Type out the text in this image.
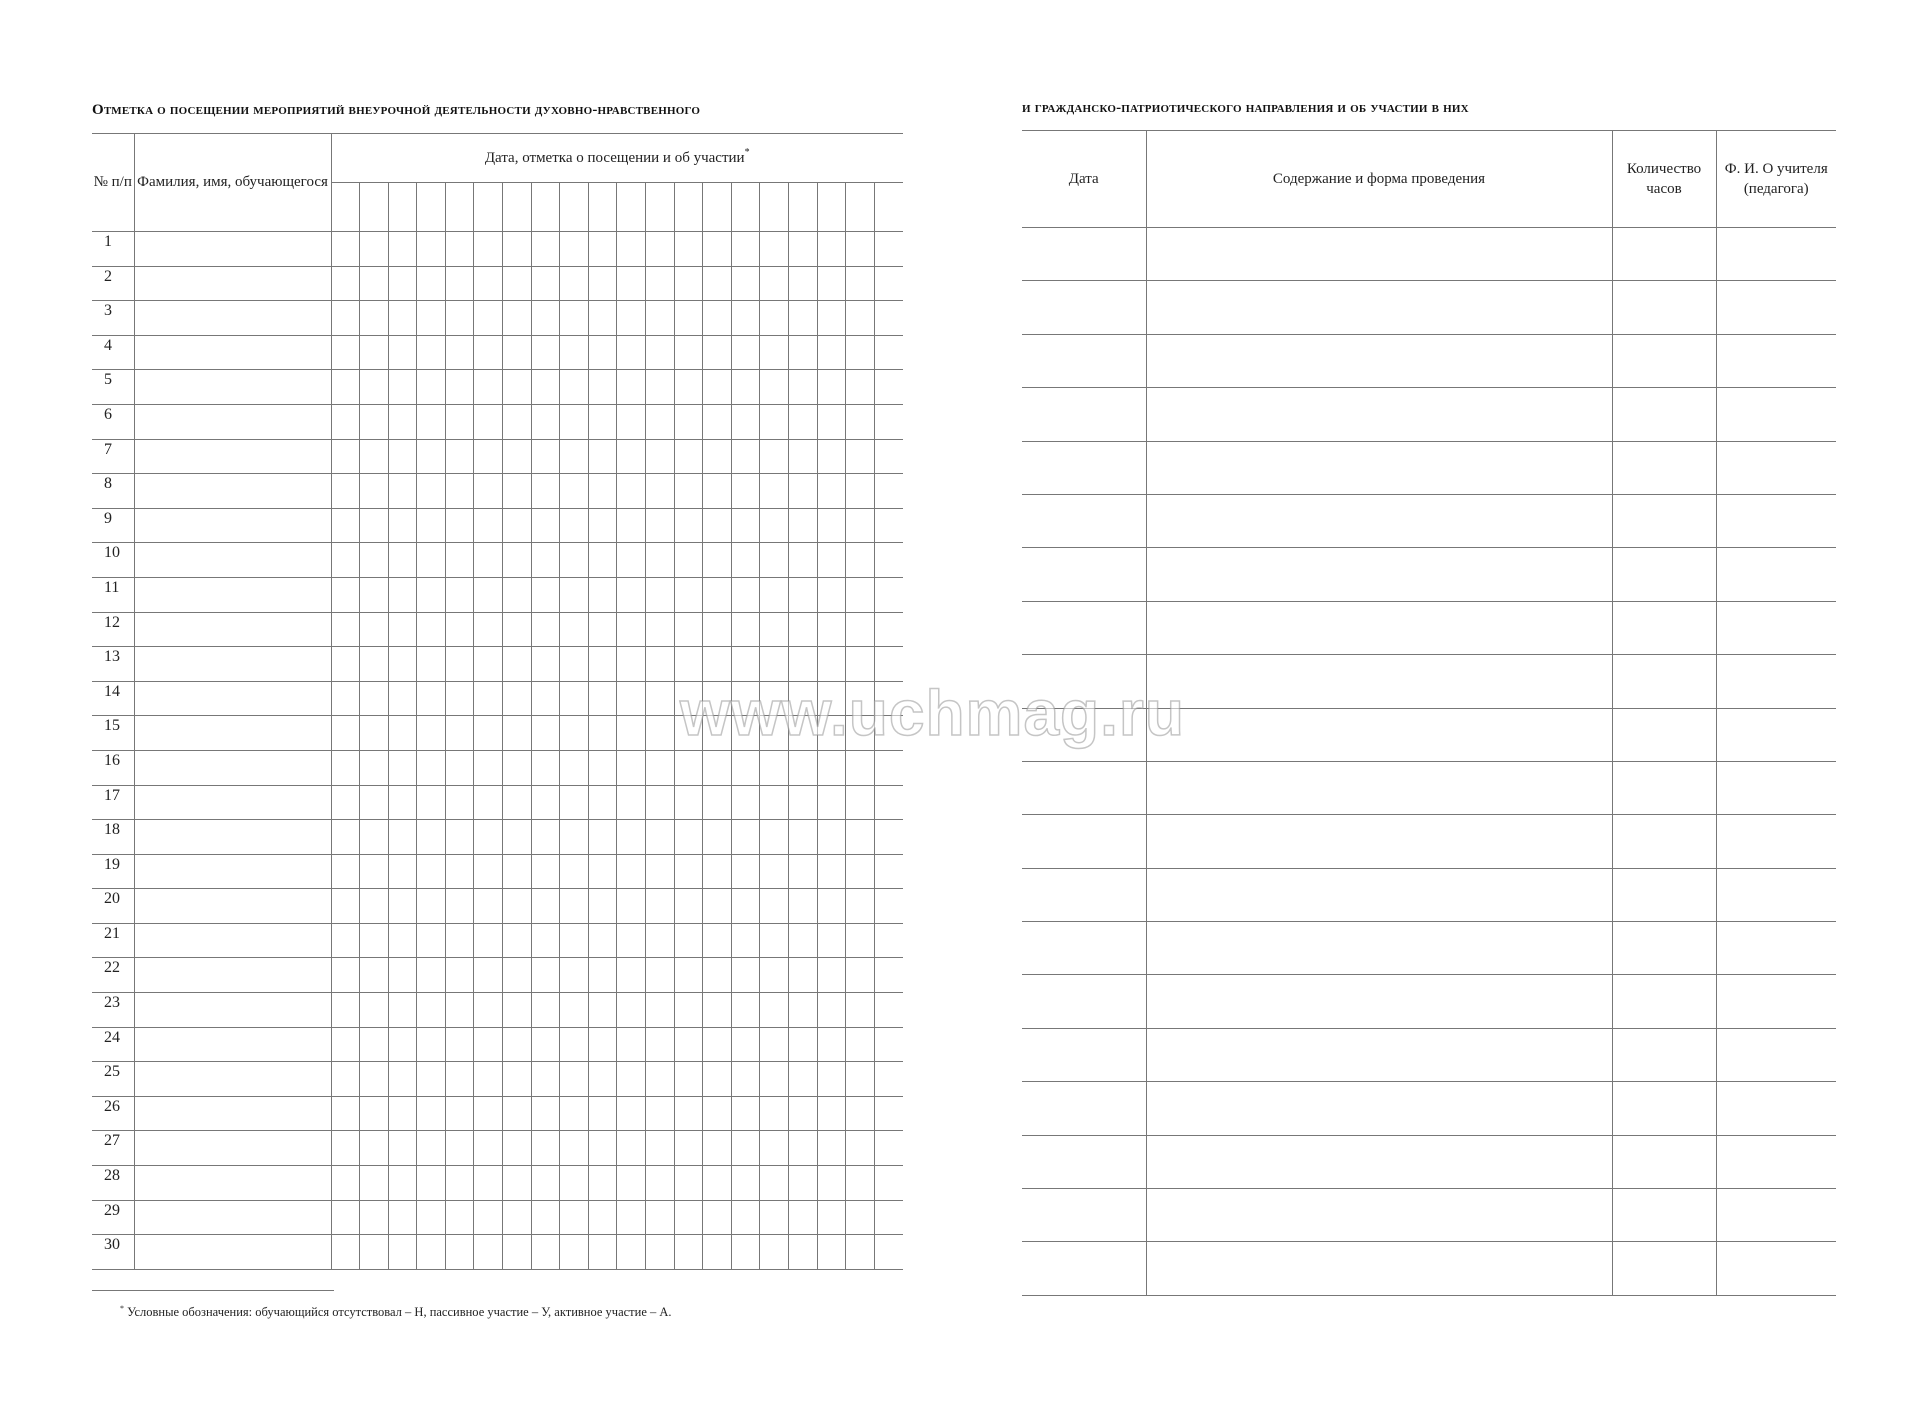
Отметка о посещении мероприятий внеурочной деятельности духовно-нравственного	и гражданско-патриотического направления и об участии в них
№ п/п	Фамилия, имя, обучающегося	Дата, отметка о посещении и об участии*

1																					
2																					
3																					
4																					
5																					
6																					
7																					
8																					
9																					
10																					
11																					
12																					
13																					
14																					
15																					
16																					
17																					
18																					
19																					
20																					
21																					
22																					
23																					
24																					
25																					
26																					
27																					
28																					
29																					
30																					
Дата	Содержание и форма проведения	Количество часов	Ф. И. О учителя (педагога)

* Условные обозначения: обучающийся отсутствовал – Н, пассивное участие – У, активное участие – А.
www.uchmag.ru
